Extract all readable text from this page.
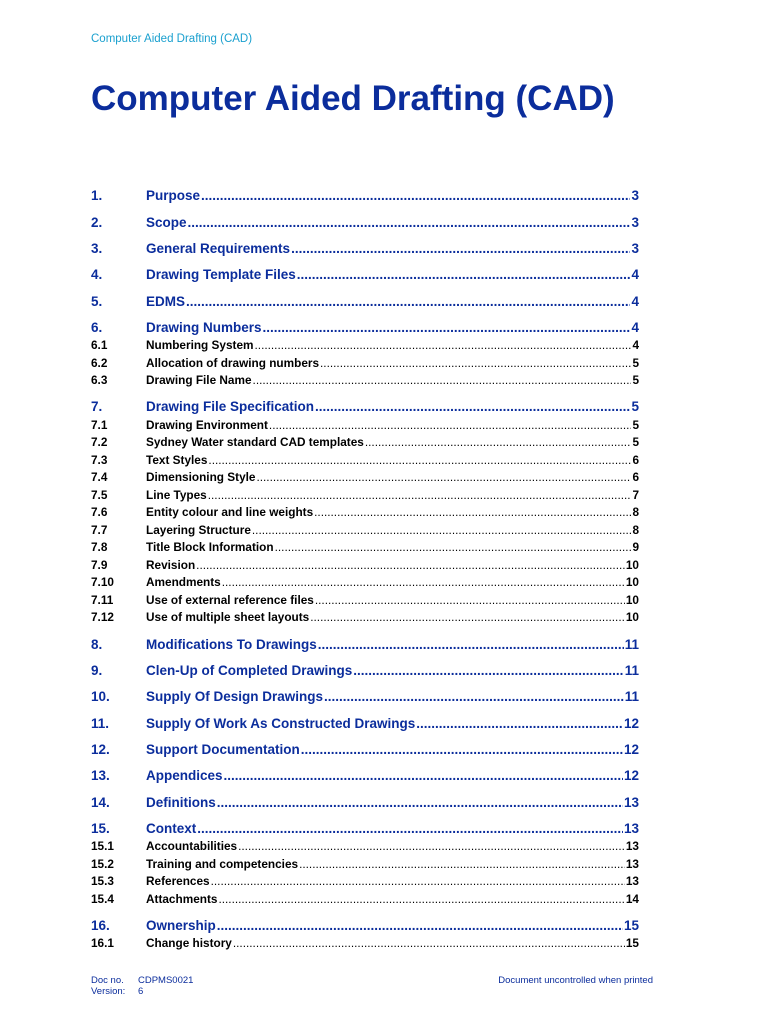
Computer Aided Drafting (CAD)
Computer Aided Drafting (CAD)
1.	Purpose .....	3
2.	Scope .....	3
3.	General Requirements .....	3
4.	Drawing Template Files .....	4
5.	EDMS .....	4
6.	Drawing Numbers .....	4
6.1	Numbering System .....	4
6.2	Allocation of drawing numbers .....	5
6.3	Drawing File Name .....	5
7.	Drawing File Specification .....	5
7.1	Drawing Environment .....	5
7.2	Sydney Water standard CAD templates .....	5
7.3	Text Styles .....	6
7.4	Dimensioning Style .....	6
7.5	Line Types .....	7
7.6	Entity colour and line weights .....	8
7.7	Layering Structure .....	8
7.8	Title Block Information .....	9
7.9	Revision .....	10
7.10	Amendments .....	10
7.11	Use of external reference files .....	10
7.12	Use of multiple sheet layouts .....	10
8.	Modifications To Drawings .....	11
9.	Clen-Up of Completed Drawings .....	11
10.	Supply Of Design Drawings .....	11
11.	Supply Of Work As Constructed Drawings .....	12
12.	Support Documentation .....	12
13.	Appendices .....	12
14.	Definitions .....	13
15.	Context .....	13
15.1	Accountabilities .....	13
15.2	Training and competencies .....	13
15.3	References .....	13
15.4	Attachments .....	14
16.	Ownership .....	15
16.1	Change history .....	15
Doc no.	CDPMS0021
Version:	6
Document uncontrolled when printed
